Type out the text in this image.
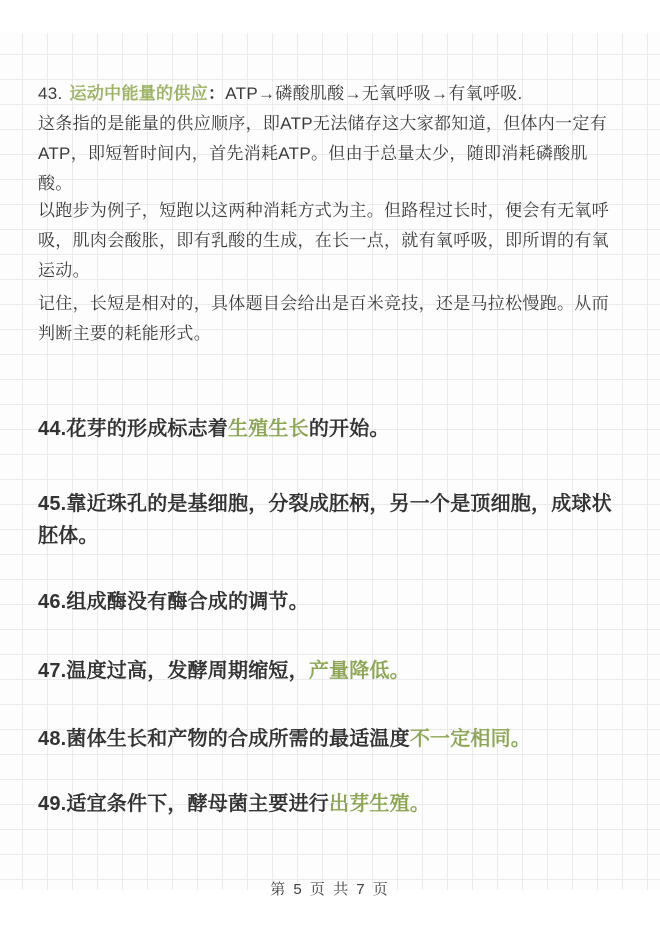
43. 运动中能量的供应：ATP→磷酸肌酸→无氧呼吸→有氧呼吸.
这条指的是能量的供应顺序，即ATP无法储存这大家都知道，但体内一定有ATP，即短暂时间内，首先消耗ATP。但由于总量太少，随即消耗磷酸肌酸。
以跑步为例子，短跑以这两种消耗方式为主。但路程过长时，便会有无氧呼吸，肌肉会酸胀，即有乳酸的生成，在长一点，就有氧呼吸，即所谓的有氧运动。
记住，长短是相对的，具体题目会给出是百米竞技，还是马拉松慢跑。从而判断主要的耗能形式。
44.花芽的形成标志着生殖生长的开始。
45.靠近珠孔的是基细胞，分裂成胚柄，另一个是顶细胞，成球状胚体。
46.组成酶没有酶合成的调节。
47.温度过高，发酵周期缩短，产量降低。
48.菌体生长和产物的合成所需的最适温度不一定相同。
49.适宜条件下，酵母菌主要进行出芽生殖。
第 5 页 共 7 页
